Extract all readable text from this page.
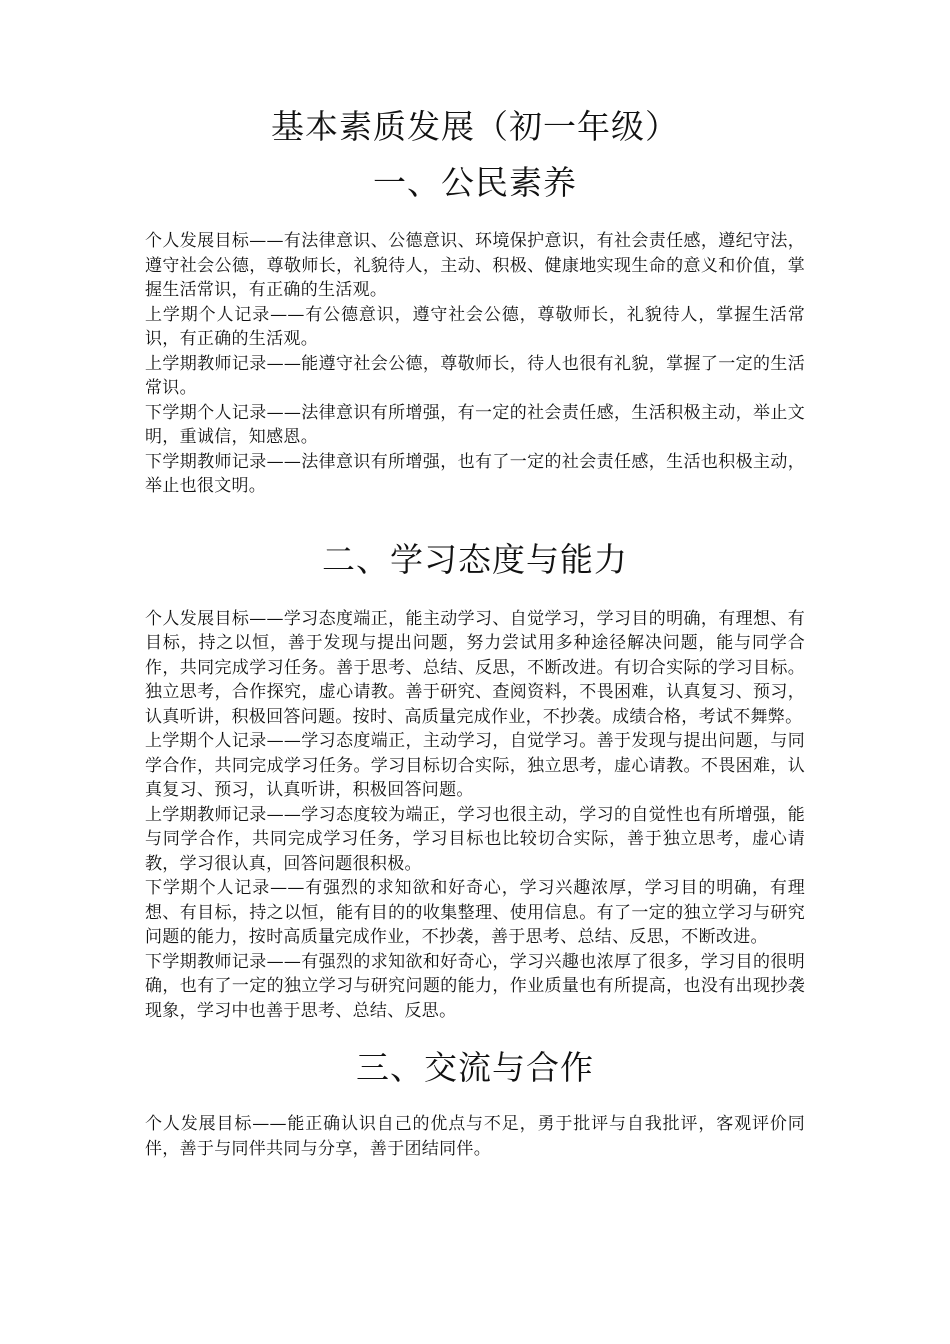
基本素质发展（初一年级）
一、公民素养

个人发展目标——有法律意识、公德意识、环境保护意识，有社会责任感，遵纪守法，遵守社会公德，尊敬师长，礼貌待人，主动、积极、健康地实现生命的意义和价值，掌握生活常识，有正确的生活观。

上学期个人记录——有公德意识，遵守社会公德，尊敬师长，礼貌待人，掌握生活常识，有正确的生活观。

上学期教师记录——能遵守社会公德，尊敬师长，待人也很有礼貌，掌握了一定的生活常识。

下学期个人记录——法律意识有所增强，有一定的社会责任感，生活积极主动，举止文明，重诚信，知感恩。

下学期教师记录——法律意识有所增强，也有了一定的社会责任感，生活也积极主动，举止也很文明。

二、学习态度与能力

个人发展目标——学习态度端正，能主动学习、自觉学习，学习目的明确，有理想、有目标，持之以恒，善于发现与提出问题，努力尝试用多种途径解决问题，能与同学合作，共同完成学习任务。善于思考、总结、反思，不断改进。有切合实际的学习目标。独立思考，合作探究，虚心请教。善于研究、查阅资料，不畏困难，认真复习、预习，认真听讲，积极回答问题。按时、高质量完成作业，不抄袭。成绩合格，考试不舞弊。

上学期个人记录——学习态度端正，主动学习，自觉学习。善于发现与提出问题，与同学合作，共同完成学习任务。学习目标切合实际，独立思考，虚心请教。不畏困难，认真复习、预习，认真听讲，积极回答问题。

上学期教师记录——学习态度较为端正，学习也很主动，学习的自觉性也有所增强，能与同学合作，共同完成学习任务，学习目标也比较切合实际，善于独立思考，虚心请教，学习很认真，回答问题很积极。

下学期个人记录——有强烈的求知欲和好奇心，学习兴趣浓厚，学习目的明确，有理想、有目标，持之以恒，能有目的的收集整理、使用信息。有了一定的独立学习与研究问题的能力，按时高质量完成作业，不抄袭，善于思考、总结、反思，不断改进。

下学期教师记录——有强烈的求知欲和好奇心，学习兴趣也浓厚了很多，学习目的很明确，也有了一定的独立学习与研究问题的能力，作业质量也有所提高，也没有出现抄袭现象，学习中也善于思考、总结、反思。

三、交流与合作

个人发展目标——能正确认识自己的优点与不足，勇于批评与自我批评，客观评价同伴，善于与同伴共同与分享，善于团结同伴。
